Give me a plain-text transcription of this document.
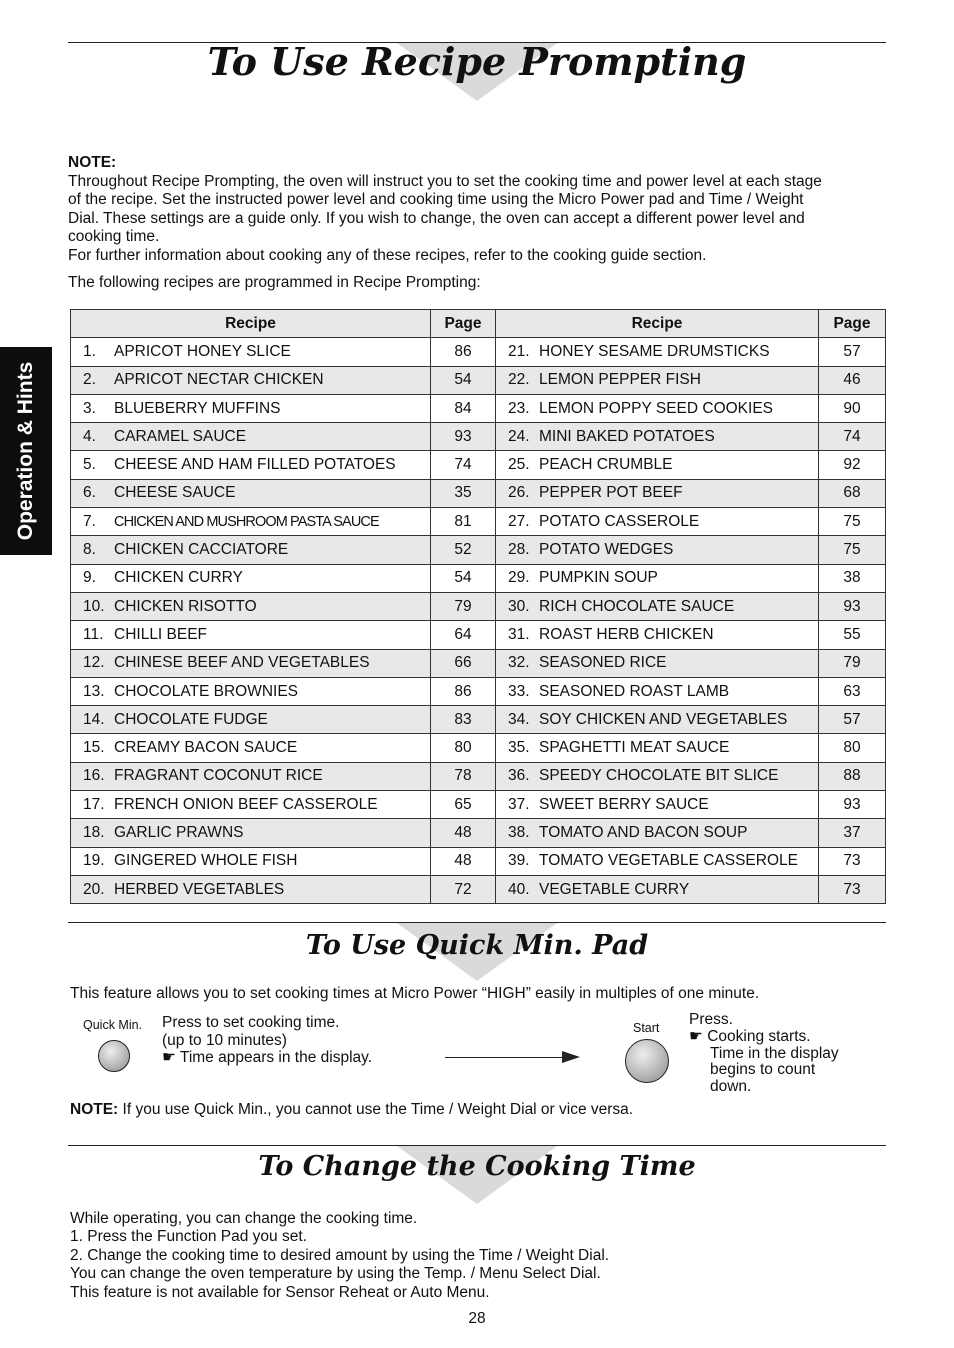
To Use Recipe Prompting
NOTE:
Throughout Recipe Prompting, the oven will instruct you to set the cooking time and power level at each stage
of the recipe. Set the instructed power level and cooking time using the Micro Power pad and Time / Weight
Dial. These settings are a guide only. If you wish to change, the oven can accept a different power level and
cooking time.
For further information about cooking any of these recipes, refer to the cooking guide section.
The following recipes are programmed in Recipe Prompting:
Operation & Hints
Recipe	Page	Recipe	Page
1. APRICOT HONEY SLICE	86	21. HONEY SESAME DRUMSTICKS	57
2. APRICOT NECTAR CHICKEN	54	22. LEMON PEPPER FISH	46
3. BLUEBERRY MUFFINS	84	23. LEMON POPPY SEED COOKIES	90
4. CARAMEL SAUCE	93	24. MINI BAKED POTATOES	74
5. CHEESE AND HAM FILLED POTATOES	74	25. PEACH CRUMBLE	92
6. CHEESE SAUCE	35	26. PEPPER POT BEEF	68
7. CHICKEN AND MUSHROOM PASTA SAUCE	81	27. POTATO CASSEROLE	75
8. CHICKEN CACCIATORE	52	28. POTATO WEDGES	75
9. CHICKEN CURRY	54	29. PUMPKIN SOUP	38
10. CHICKEN RISOTTO	79	30. RICH CHOCOLATE SAUCE	93
11. CHILLI BEEF	64	31. ROAST HERB CHICKEN	55
12. CHINESE BEEF AND VEGETABLES	66	32. SEASONED RICE	79
13. CHOCOLATE BROWNIES	86	33. SEASONED ROAST LAMB	63
14. CHOCOLATE FUDGE	83	34. SOY CHICKEN AND VEGETABLES	57
15. CREAMY BACON SAUCE	80	35. SPAGHETTI MEAT SAUCE	80
16. FRAGRANT COCONUT RICE	78	36. SPEEDY CHOCOLATE BIT SLICE	88
17. FRENCH ONION BEEF CASSEROLE	65	37. SWEET BERRY SAUCE	93
18. GARLIC PRAWNS	48	38. TOMATO AND BACON SOUP	37
19. GINGERED WHOLE FISH	48	39. TOMATO VEGETABLE CASSEROLE	73
20. HERBED VEGETABLES	72	40. VEGETABLE CURRY	73
To Use Quick Min. Pad
This feature allows you to set cooking times at Micro Power “HIGH” easily in multiples of one minute.
Quick Min. Press to set cooking time.
(up to 10 minutes)
☛ Time appears in the display.
Start Press.
☛ Cooking starts.
Time in the display
begins to count
down.
NOTE: If you use Quick Min., you cannot use the Time / Weight Dial or vice versa.
To Change the Cooking Time
While operating, you can change the cooking time.
1. Press the Function Pad you set.
2. Change the cooking time to desired amount by using the Time / Weight Dial.
You can change the oven temperature by using the Temp. / Menu Select Dial.
This feature is not available for Sensor Reheat or Auto Menu.
28
